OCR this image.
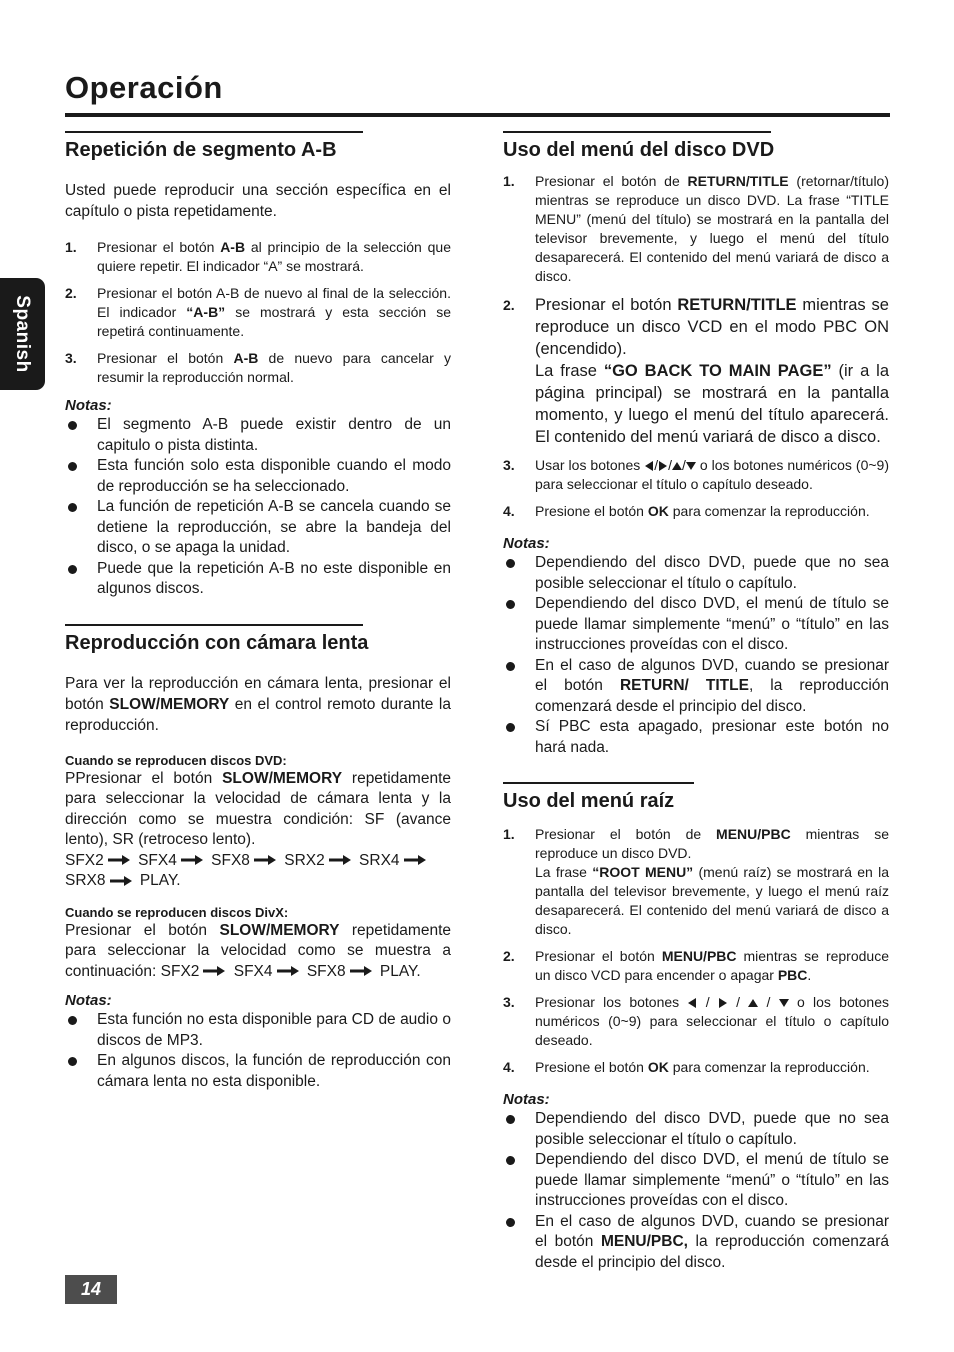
Operación
Spanish
Repetición de segmento A-B

Usted puede reproducir una sección específica en el capítulo o pista repetidamente.

1.	Presionar el botón A-B al principio de la selección que quiere repetir. El indicador “A” se mostrará.
2.	Presionar el botón A-B de nuevo al final de la selección. El indicador “A-B” se mostrará y esta sección se repetirá continuamente.
3.	Presionar el botón A-B de nuevo para cancelar y resumir la reproducción normal.
Notas:
El segmento A-B puede existir dentro de un capitulo o pista distinta.
Esta función solo esta disponible cuando el modo de reproducción se ha seleccionado.
La función de repetición A-B se cancela cuando se detiene la reproducción, se abre la bandeja del disco, o se apaga la unidad.
Puede que la repetición A-B no este disponible en algunos discos.
Reproducción con cámara lenta

Para ver la reproducción en cámara lenta, presionar el botón SLOW/MEMORY en el control remoto durante la reproducción.

Cuando se reproducen discos DVD:

PPresionar el botón SLOW/MEMORY repetidamente para seleccionar la velocidad de cámara lenta y la dirección como se muestra condición: SF (avance lento), SR (retroceso lento).
SFX2 SFX4 SFX8 SRX2 SRX4
SRX8 PLAY.

Cuando se reproducen discos DivX:

Presionar el botón SLOW/MEMORY repetidamente para seleccionar la velocidad como se muestra a continuación: SFX2 SFX4 SFX8 PLAY.

Notas:
Esta función no esta disponible para CD de audio o discos de MP3.
En algunos discos, la función de reproducción con cámara lenta no esta disponible.
Uso del menú del disco DVD
1.	Presionar el botón de RETURN/TITLE (retornar/título) mientras se reproduce un disco DVD. La frase “TITLE MENU” (menú del título) se mostrará en la pantalla del televisor brevemente, y luego el menú del título desaparecerá. El contenido del menú variará de disco a disco.
2.	Presionar el botón RETURN/TITLE mientras se reproduce un disco VCD en el modo PBC ON (encendido).
La frase “GO BACK TO MAIN PAGE” (ir a la página principal) se mostrará en la pantalla momento, y luego el menú del título aparecerá. El contenido del menú variará de disco a disco.
3.	Usar los botones / / / o los botones numéricos (0~9) para seleccionar el título o capítulo deseado.
4.	Presione el botón OK para comenzar la reproducción.
Notas:
Dependiendo del disco DVD, puede que no sea posible seleccionar el título o capítulo.
Dependiendo del disco DVD, el menú de título se puede llamar simplemente “menú” o “título” en las instrucciones proveídas con el disco.
En el caso de algunos DVD, cuando se presionar el botón RETURN/ TITLE, la reproducción comenzará desde el principio del disco.
Sí PBC esta apagado, presionar este botón no hará nada.
Uso del menú raíz
1.	Presionar el botón de MENU/PBC mientras se reproduce un disco DVD.
La frase “ROOT MENU” (menú raíz) se mostrará en la pantalla del televisor brevemente, y luego el menú raíz desaparecerá. El contenido del menú variará de disco a disco.
2.	Presionar el botón MENU/PBC mientras se reproduce un disco VCD para encender o apagar PBC.
3.	Presionar los botones  /  /  /  o los botones numéricos (0~9) para seleccionar el título o capítulo deseado.
4.	Presione el botón OK para comenzar la reproducción.
Notas:
Dependiendo del disco DVD, puede que no sea posible seleccionar el título o capítulo.
Dependiendo del disco DVD, el menú de título se puede llamar simplemente “menú” o “título” en las instrucciones proveídas con el disco.
En el caso de algunos DVD, cuando se presionar el botón MENU/PBC, la reproducción comenzará desde el principio del disco.
14
